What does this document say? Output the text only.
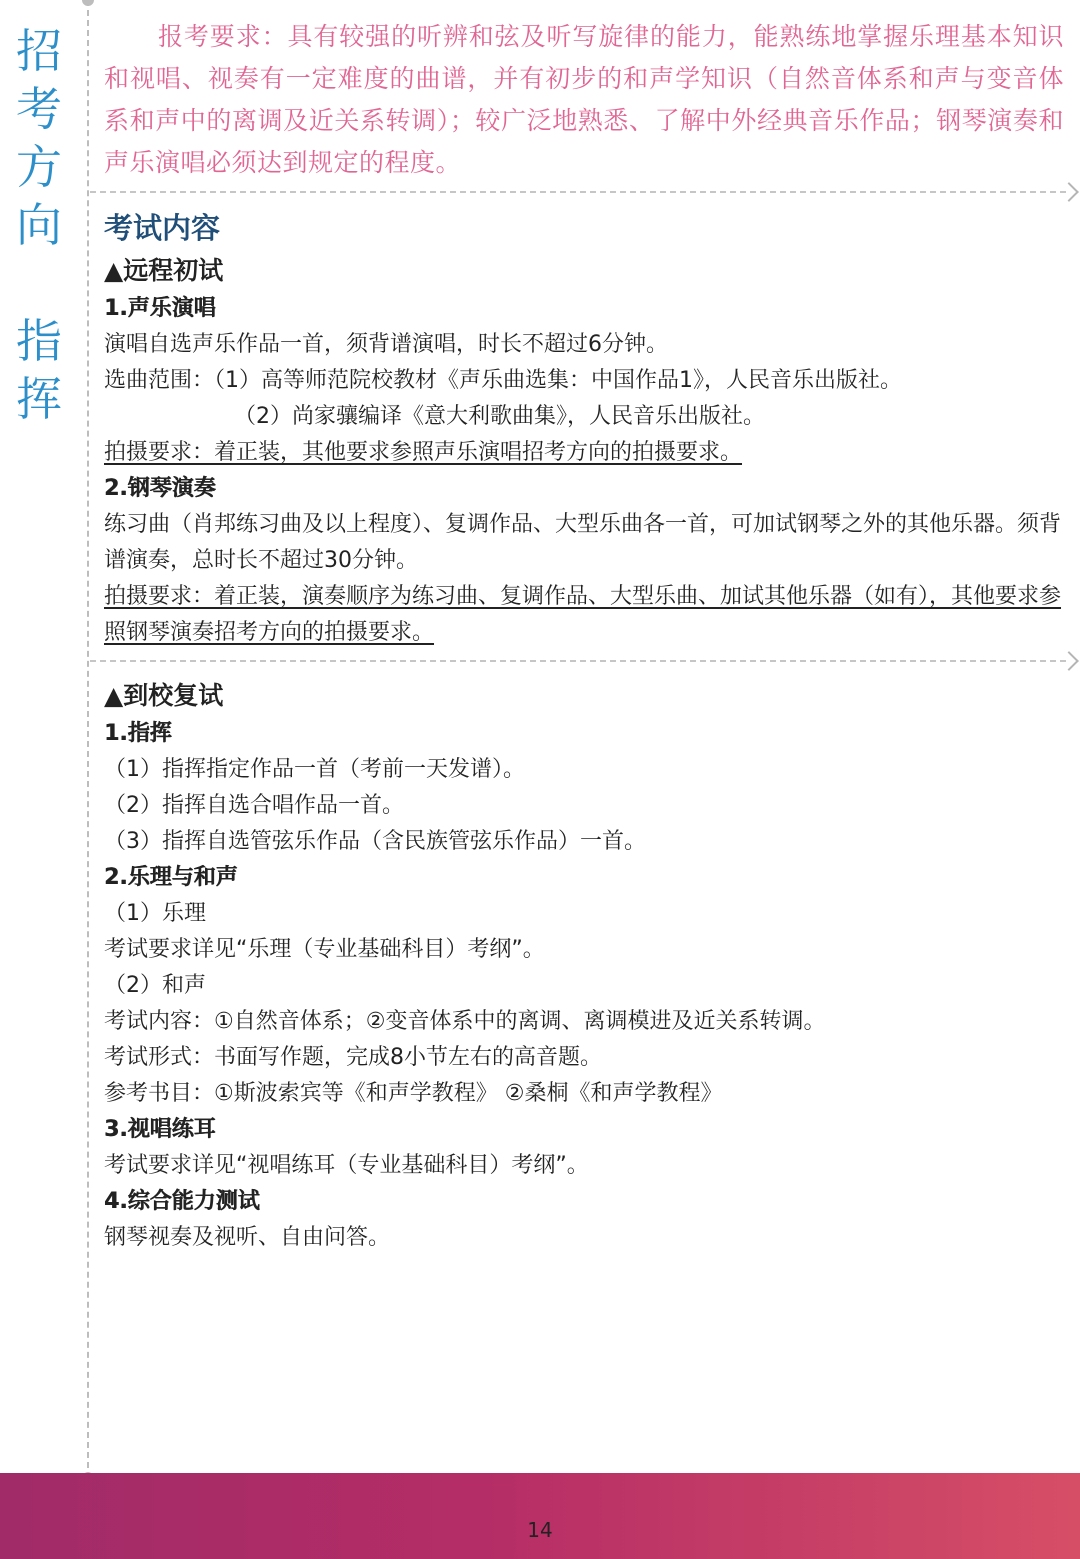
招
考
方
向
指
挥

报考要求：具有较强的听辨和弦及听写旋律的能力，能熟练地掌握乐理基本知识和视唱、视奏有一定难度的曲谱，并有初步的和声学知识（自然音体系和声与变音体系和声中的离调及近关系转调）；较广泛地熟悉、了解中外经典音乐作品；钢琴演奏和声乐演唱必须达到规定的程度。

考试内容

▲远程初试

1.声乐演唱

演唱自选声乐作品一首，须背谱演唱，时长不超过6分钟。

选曲范围：（1）高等师范院校教材《声乐曲选集：中国作品1》，人民音乐出版社。

（2）尚家骧编译《意大利歌曲集》，人民音乐出版社。

拍摄要求：着正装，其他要求参照声乐演唱招考方向的拍摄要求。

2.钢琴演奏

练习曲（肖邦练习曲及以上程度）、复调作品、大型乐曲各一首，可加试钢琴之外的其他乐器。须背谱演奏，总时长不超过30分钟。

拍摄要求：着正装，演奏顺序为练习曲、复调作品、大型乐曲、加试其他乐器（如有），其他要求参照钢琴演奏招考方向的拍摄要求。

▲到校复试

1.指挥

（1）指挥指定作品一首（考前一天发谱）。

（2）指挥自选合唱作品一首。

（3）指挥自选管弦乐作品（含民族管弦乐作品）一首。

2.乐理与和声

（1）乐理

考试要求详见“乐理（专业基础科目）考纲”。

（2）和声

考试内容：①自然音体系；②变音体系中的离调、离调模进及近关系转调。

考试形式：书面写作题，完成8小节左右的高音题。

参考书目：①斯波索宾等《和声学教程》 ②桑桐《和声学教程》

3.视唱练耳

考试要求详见“视唱练耳（专业基础科目）考纲”。

4.综合能力测试

钢琴视奏及视听、自由问答。

14
